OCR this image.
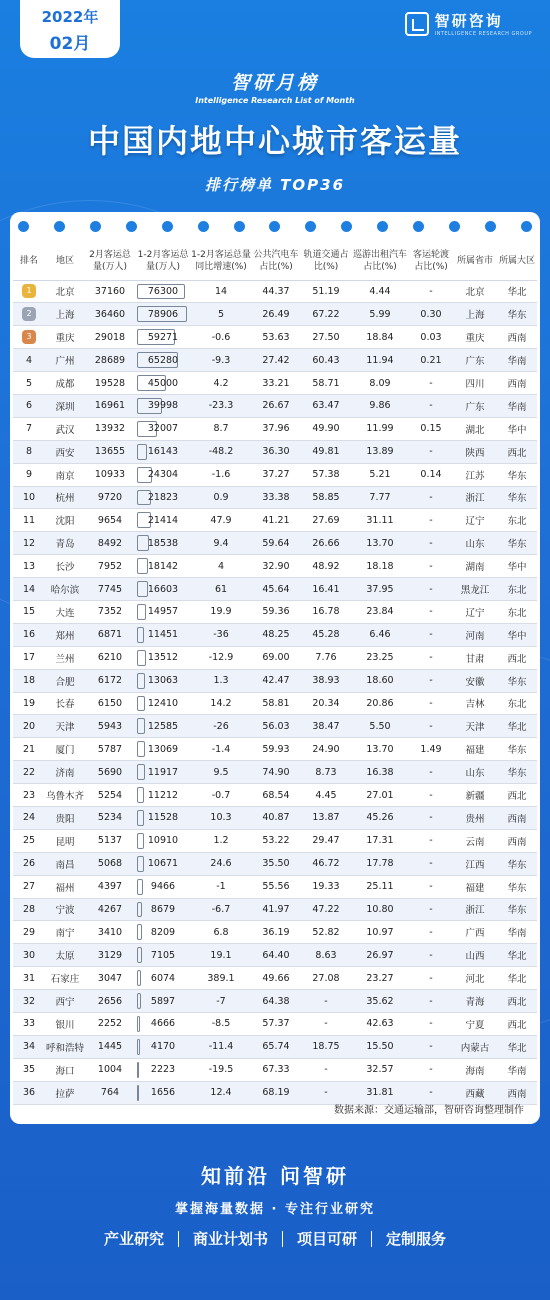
2022年
02月
智研咨询
INTELLIGENCE RESEARCH GROUP
智研月榜
Intelligence Research List of Month
中国内地中心城市客运量
排行榜单 TOP36
排名	地区	2月客运总量(万人)	1-2月客运总量(万人)	1-2月客运总量同比增速(%)	公共汽电车占比(%)	轨道交通占比(%)	巡游出租汽车占比(%)	客运轮渡占比(%)	所属省市	所属大区
1	北京	37160	76300	14	44.37	51.19	4.44	-	北京	华北
2	上海	36460	78906	5	26.49	67.22	5.99	0.30	上海	华东
3	重庆	29018	59271	-0.6	53.63	27.50	18.84	0.03	重庆	西南
4	广州	28689	65280	-9.3	27.42	60.43	11.94	0.21	广东	华南
5	成都	19528	45000	4.2	33.21	58.71	8.09	-	四川	西南
6	深圳	16961	39998	-23.3	26.67	63.47	9.86	-	广东	华南
7	武汉	13932	32007	8.7	37.96	49.90	11.99	0.15	湖北	华中
8	西安	13655	16143	-48.2	36.30	49.81	13.89	-	陕西	西北
9	南京	10933	24304	-1.6	37.27	57.38	5.21	0.14	江苏	华东
10	杭州	9720	21823	0.9	33.38	58.85	7.77	-	浙江	华东
11	沈阳	9654	21414	47.9	41.21	27.69	31.11	-	辽宁	东北
12	青岛	8492	18538	9.4	59.64	26.66	13.70	-	山东	华东
13	长沙	7952	18142	4	32.90	48.92	18.18	-	湖南	华中
14	哈尔滨	7745	16603	61	45.64	16.41	37.95	-	黑龙江	东北
15	大连	7352	14957	19.9	59.36	16.78	23.84	-	辽宁	东北
16	郑州	6871	11451	-36	48.25	45.28	6.46	-	河南	华中
17	兰州	6210	13512	-12.9	69.00	7.76	23.25	-	甘肃	西北
18	合肥	6172	13063	1.3	42.47	38.93	18.60	-	安徽	华东
19	长春	6150	12410	14.2	58.81	20.34	20.86	-	吉林	东北
20	天津	5943	12585	-26	56.03	38.47	5.50	-	天津	华北
21	厦门	5787	13069	-1.4	59.93	24.90	13.70	1.49	福建	华东
22	济南	5690	11917	9.5	74.90	8.73	16.38	-	山东	华东
23	乌鲁木齐	5254	11212	-0.7	68.54	4.45	27.01	-	新疆	西北
24	贵阳	5234	11528	10.3	40.87	13.87	45.26	-	贵州	西南
25	昆明	5137	10910	1.2	53.22	29.47	17.31	-	云南	西南
26	南昌	5068	10671	24.6	35.50	46.72	17.78	-	江西	华东
27	福州	4397	9466	-1	55.56	19.33	25.11	-	福建	华东
28	宁波	4267	8679	-6.7	41.97	47.22	10.80	-	浙江	华东
29	南宁	3410	8209	6.8	36.19	52.82	10.97	-	广西	华南
30	太原	3129	7105	19.1	64.40	8.63	26.97	-	山西	华北
31	石家庄	3047	6074	389.1	49.66	27.08	23.27	-	河北	华北
32	西宁	2656	5897	-7	64.38	-	35.62	-	青海	西北
33	银川	2252	4666	-8.5	57.37	-	42.63	-	宁夏	西北
34	呼和浩特	1445	4170	-11.4	65.74	18.75	15.50	-	内蒙古	华北
35	海口	1004	2223	-19.5	67.33	-	32.57	-	海南	华南
36	拉萨	764	1656	12.4	68.19	-	31.81	-	西藏	西南
数据来源：交通运输部，智研咨询整理制作
知前沿 问智研
掌握海量数据 · 专注行业研究
产业研究	商业计划书	项目可研	定制服务
